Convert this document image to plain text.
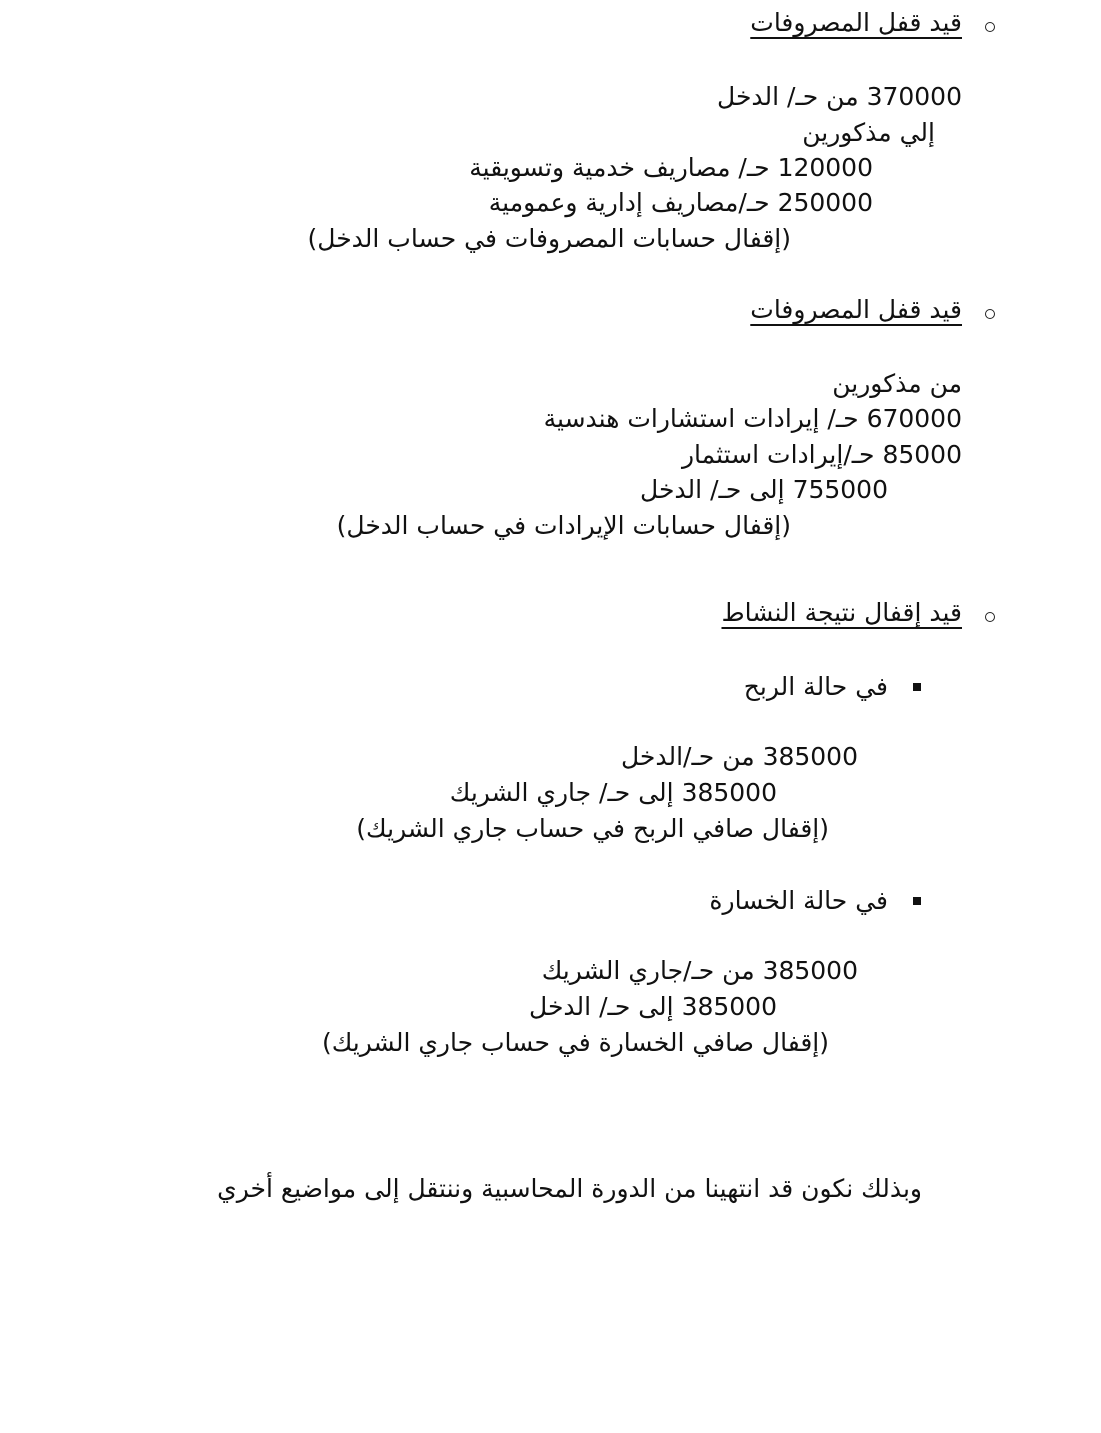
قيد قفل المصروفات
370000 من حـ/ الدخل
إلي مذكورين
120000 حـ/ مصاريف خدمية وتسويقية
250000 حـ/مصاريف إدارية وعمومية
(إقفال حسابات المصروفات في حساب الدخل)
قيد قفل المصروفات
من مذكورين
670000 حـ/ إيرادات استشارات هندسية
85000 حـ/إيرادات استثمار
755000 إلى حـ/ الدخل
(إقفال حسابات الإيرادات في حساب الدخل)
قيد إقفال نتيجة النشاط
في حالة الربح
385000 من حـ/الدخل
385000 إلى حـ/ جاري الشريك
(إقفال صافي الربح في حساب جاري الشريك)
في حالة الخسارة
385000 من حـ/جاري الشريك
385000 إلى حـ/ الدخل
(إقفال صافي الخسارة في حساب جاري الشريك)
وبذلك نكون قد انتهينا من الدورة المحاسبية وننتقل إلى مواضيع أخري
